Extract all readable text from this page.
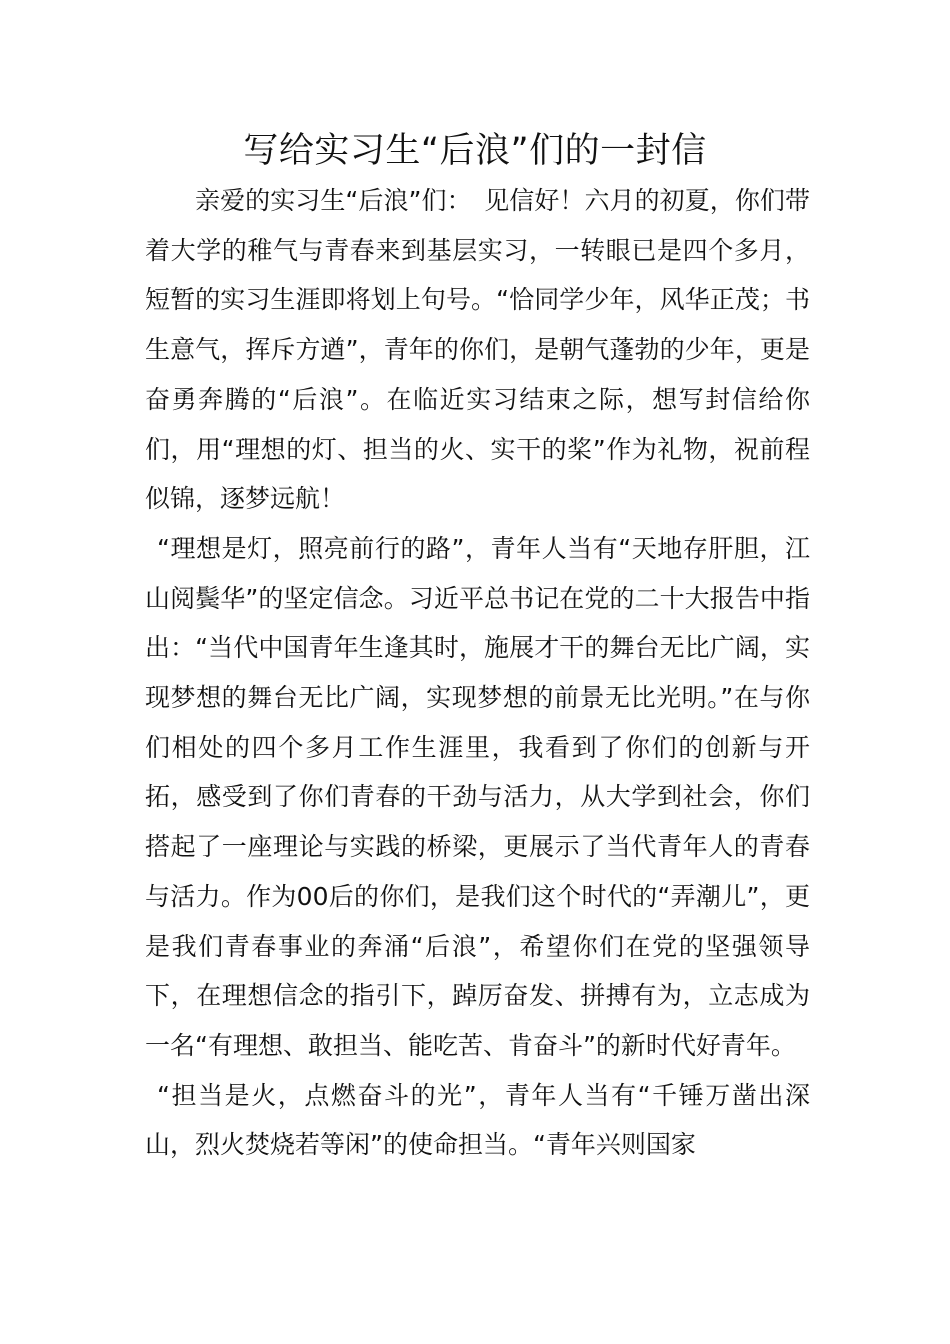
写给实习生“后浪”们的一封信

亲爱的实习生“后浪”们：　见信好！六月的初夏，你们带着大学的稚气与青春来到基层实习，一转眼已是四个多月，短暂的实习生涯即将划上句号。“恰同学少年，风华正茂；书生意气，挥斥方遒”，青年的你们，是朝气蓬勃的少年，更是奋勇奔腾的“后浪”。在临近实习结束之际，想写封信给你们，用“理想的灯、担当的火、实干的桨”作为礼物，祝前程似锦，逐梦远航！

“理想是灯，照亮前行的路”，青年人当有“天地存肝胆，江山阅鬓华”的坚定信念。习近平总书记在党的二十大报告中指出：“当代中国青年生逢其时，施展才干的舞台无比广阔，实现梦想的舞台无比广阔，实现梦想的前景无比光明。”在与你们相处的四个多月工作生涯里，我看到了你们的创新与开拓，感受到了你们青春的干劲与活力，从大学到社会，你们搭起了一座理论与实践的桥梁，更展示了当代青年人的青春与活力。作为00后的你们，是我们这个时代的“弄潮儿”，更是我们青春事业的奔涌“后浪”，希望你们在党的坚强领导下，在理想信念的指引下，踔厉奋发、拼搏有为，立志成为一名“有理想、敢担当、能吃苦、肯奋斗”的新时代好青年。

“担当是火，点燃奋斗的光”，青年人当有“千锤万凿出深山，烈火焚烧若等闲”的使命担当。“青年兴则国家
